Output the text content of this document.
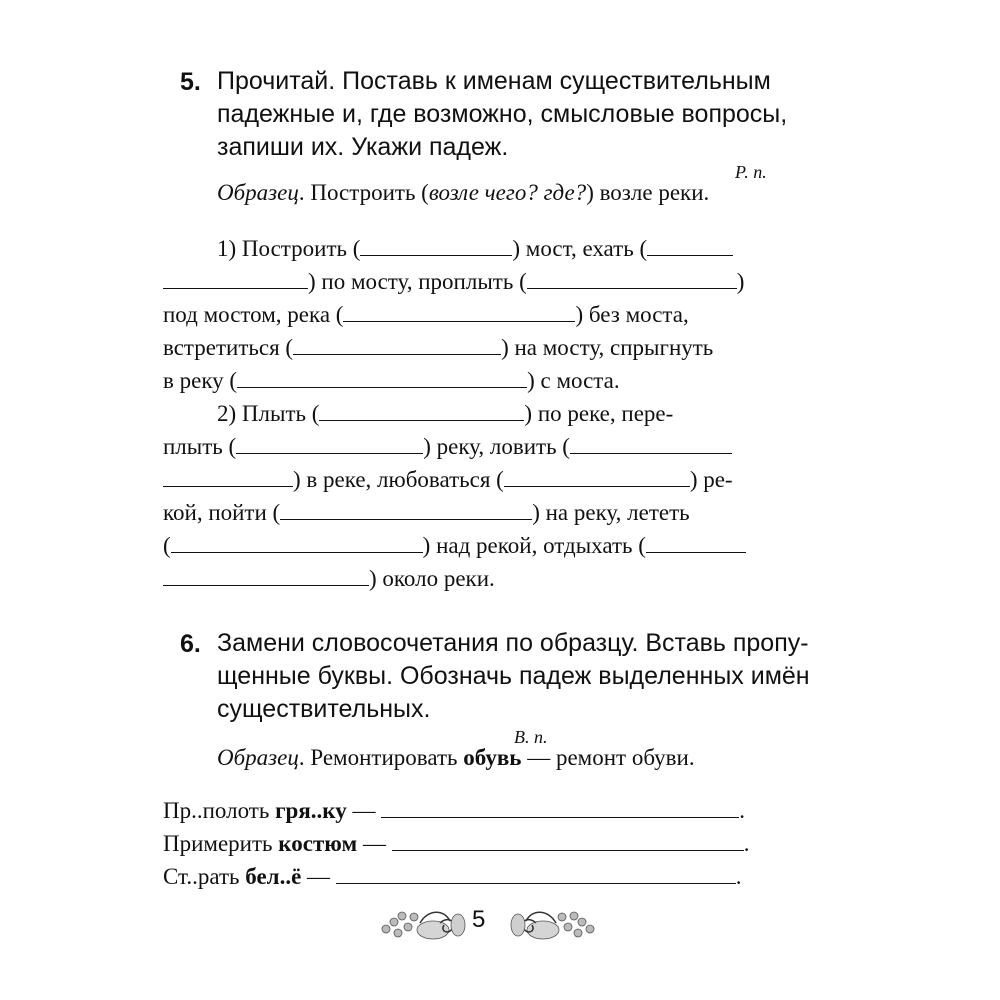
5. Прочитай. Поставь к именам существительным
падежные и, где возможно, смысловые вопросы,
запиши их. Укажи падеж.
Р. п.
Образец. Построить (возле чего? где?) возле реки.
1) Построить (	) мост, ехать (
) по мосту, проплыть (	)
под мостом, река (	) без моста,
встретиться (	) на мосту, спрыгнуть
в реку (	) с моста.
2) Плыть (	) по реке, пере-
плыть (	) реку, ловить (
) в реке, любоваться (	) ре-
кой, пойти (	) на реку, лететь
(	) над рекой, отдыхать (
) около реки.
6. Замени словосочетания по образцу. Вставь пропу-
щенные буквы. Обозначь падеж выделенных имён
существительных.
В. п.
Образец. Ремонтировать обувь — ремонт обуви.
Пр..полоть гря..ку —	.
Примерить костюм —	.
Ст..рать бел..ё —	.
5
